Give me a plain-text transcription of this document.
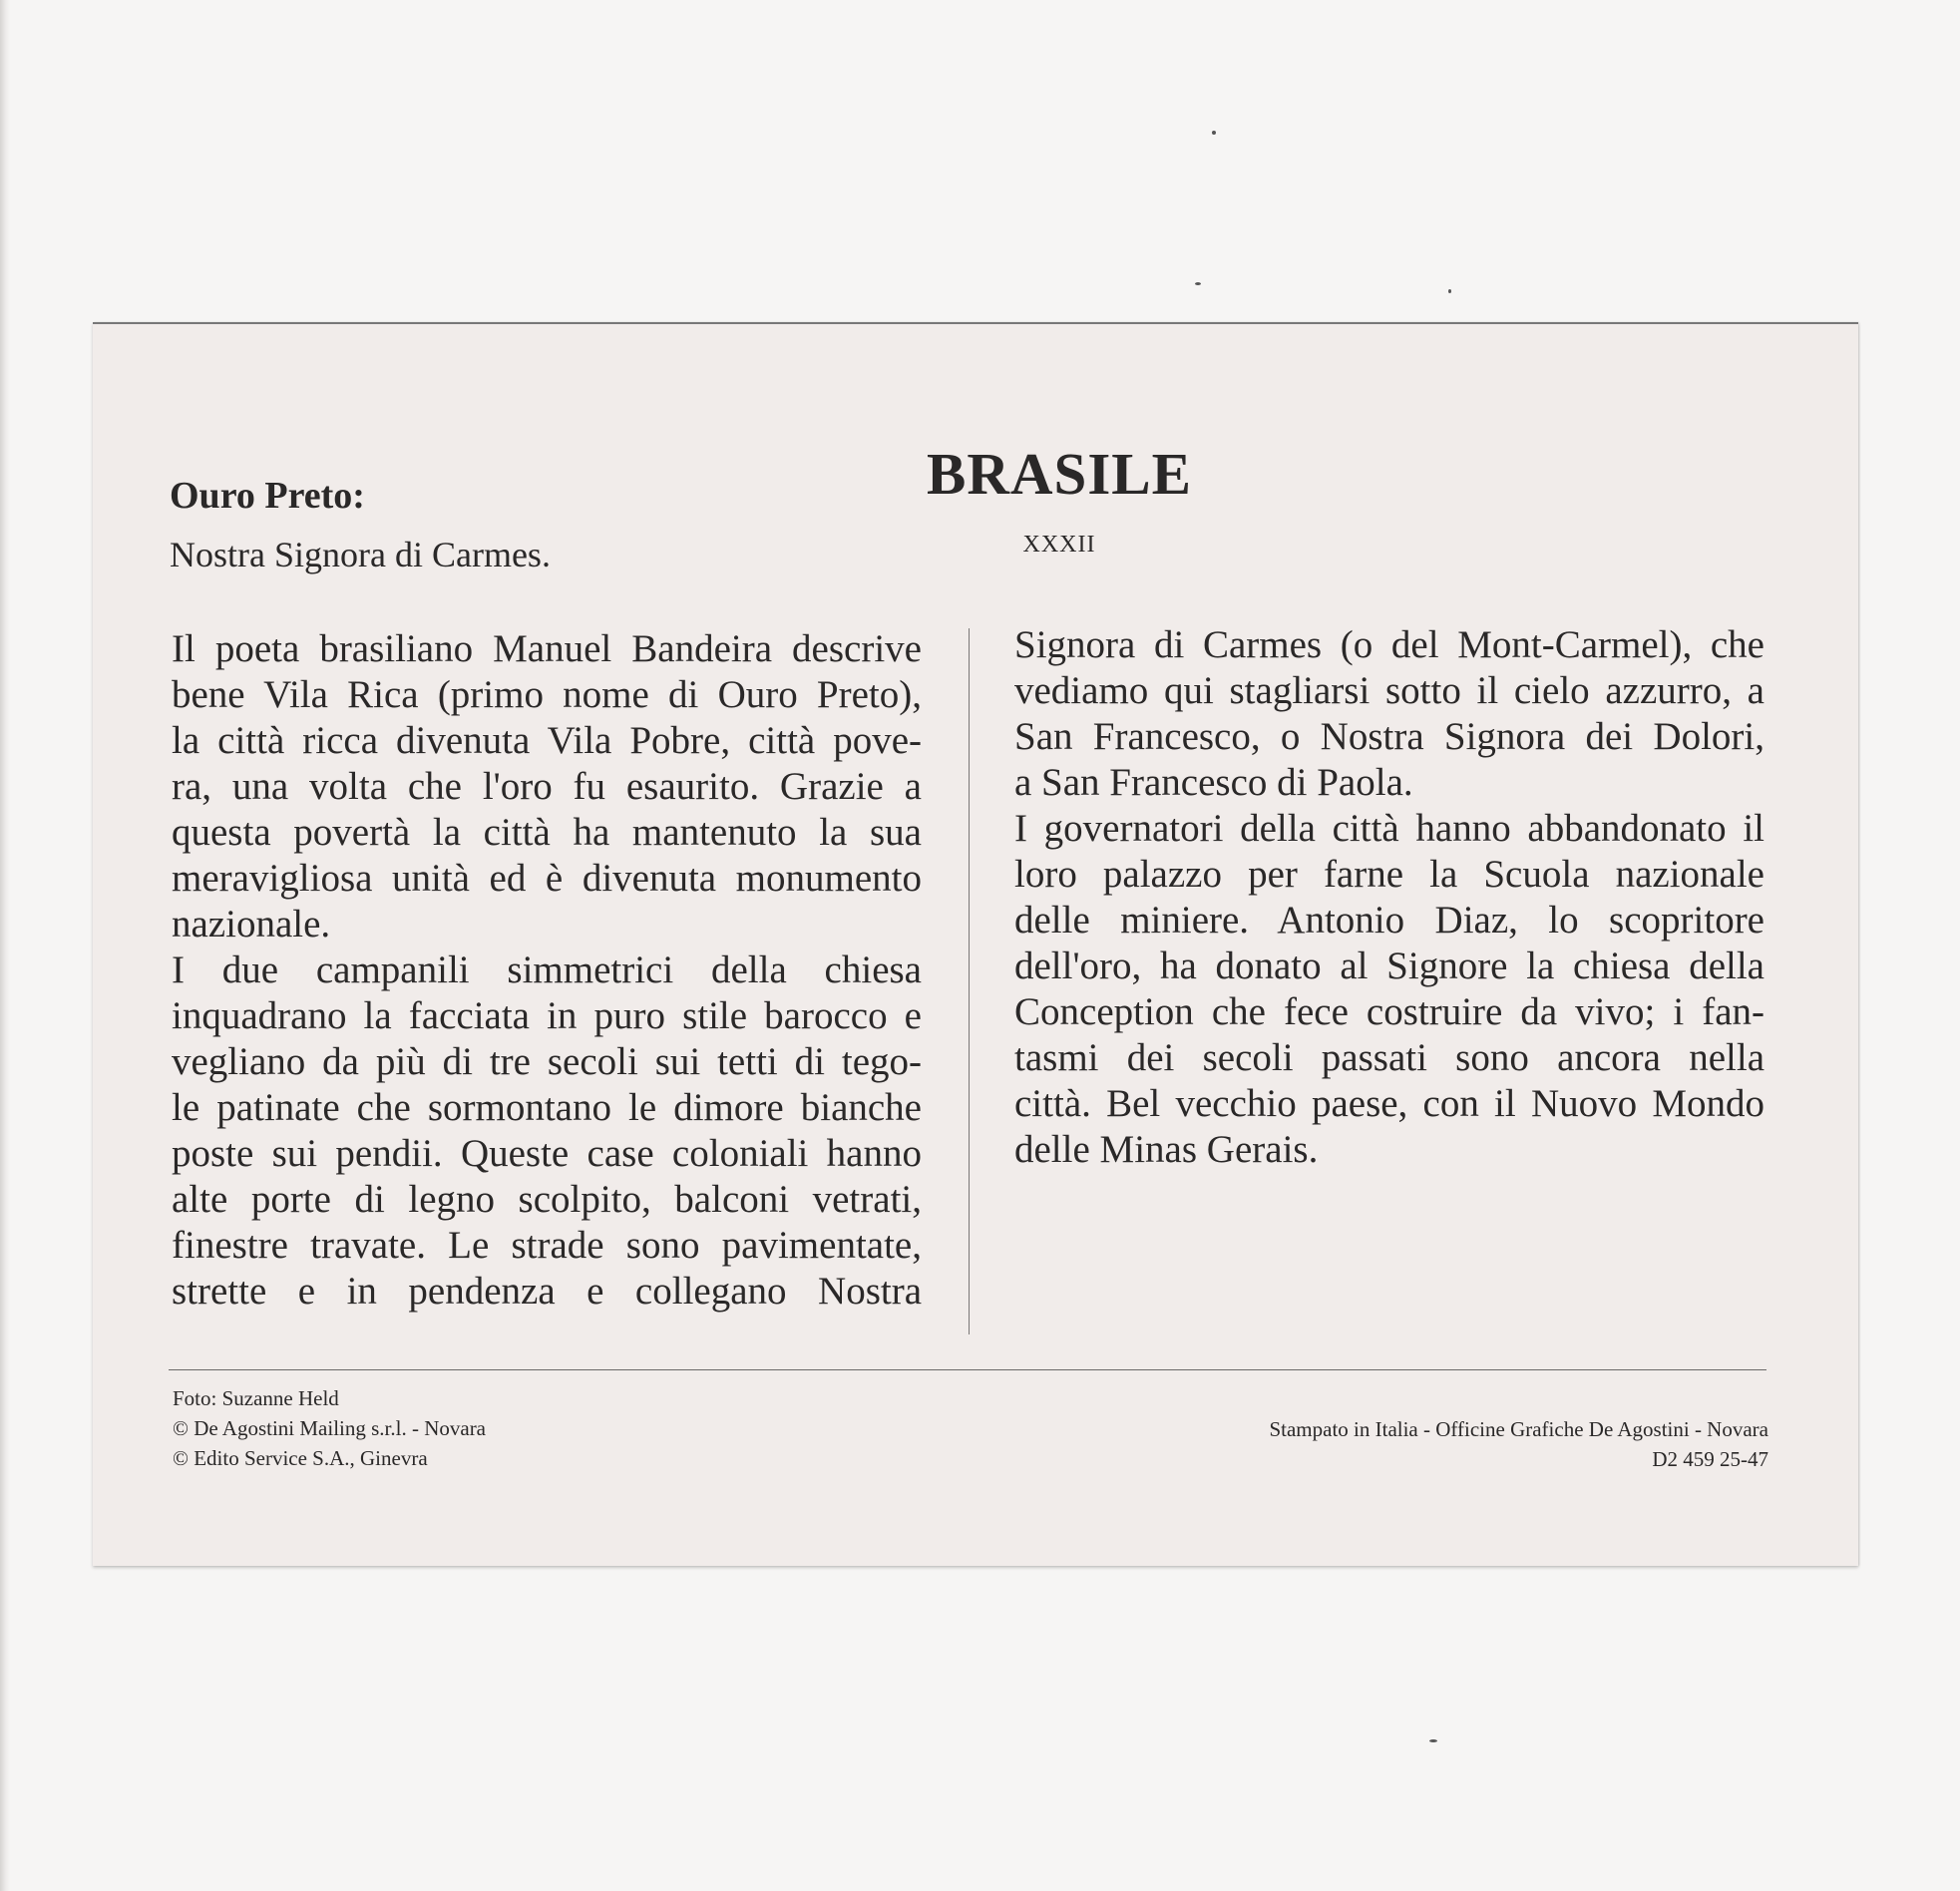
BRASILE
XXXII
Ouro Preto:
Nostra Signora di Carmes.
Il poeta brasiliano Manuel Bandeira descrive
bene Vila Rica (primo nome di Ouro Preto),
la città ricca divenuta Vila Pobre, città pove-
ra, una volta che l'oro fu esaurito. Grazie a
questa povertà la città ha mantenuto la sua
meravigliosa unità ed è divenuta monumento
nazionale.
I due campanili simmetrici della chiesa
inquadrano la facciata in puro stile barocco e
vegliano da più di tre secoli sui tetti di tego-
le patinate che sormontano le dimore bianche
poste sui pendii. Queste case coloniali hanno
alte porte di legno scolpito, balconi vetrati,
finestre travate. Le strade sono pavimentate,
strette e in pendenza e collegano Nostra
Signora di Carmes (o del Mont-Carmel), che
vediamo qui stagliarsi sotto il cielo azzurro, a
San Francesco, o Nostra Signora dei Dolori,
a San Francesco di Paola.
I governatori della città hanno abbandonato il
loro palazzo per farne la Scuola nazionale
delle miniere. Antonio Diaz, lo scopritore
dell'oro, ha donato al Signore la chiesa della
Conception che fece costruire da vivo; i fan-
tasmi dei secoli passati sono ancora nella
città. Bel vecchio paese, con il Nuovo Mondo
delle Minas Gerais.
Foto: Suzanne Held
© De Agostini Mailing s.r.l. - Novara
© Edito Service S.A., Ginevra
Stampato in Italia - Officine Grafiche De Agostini - Novara
D2 459 25-47
